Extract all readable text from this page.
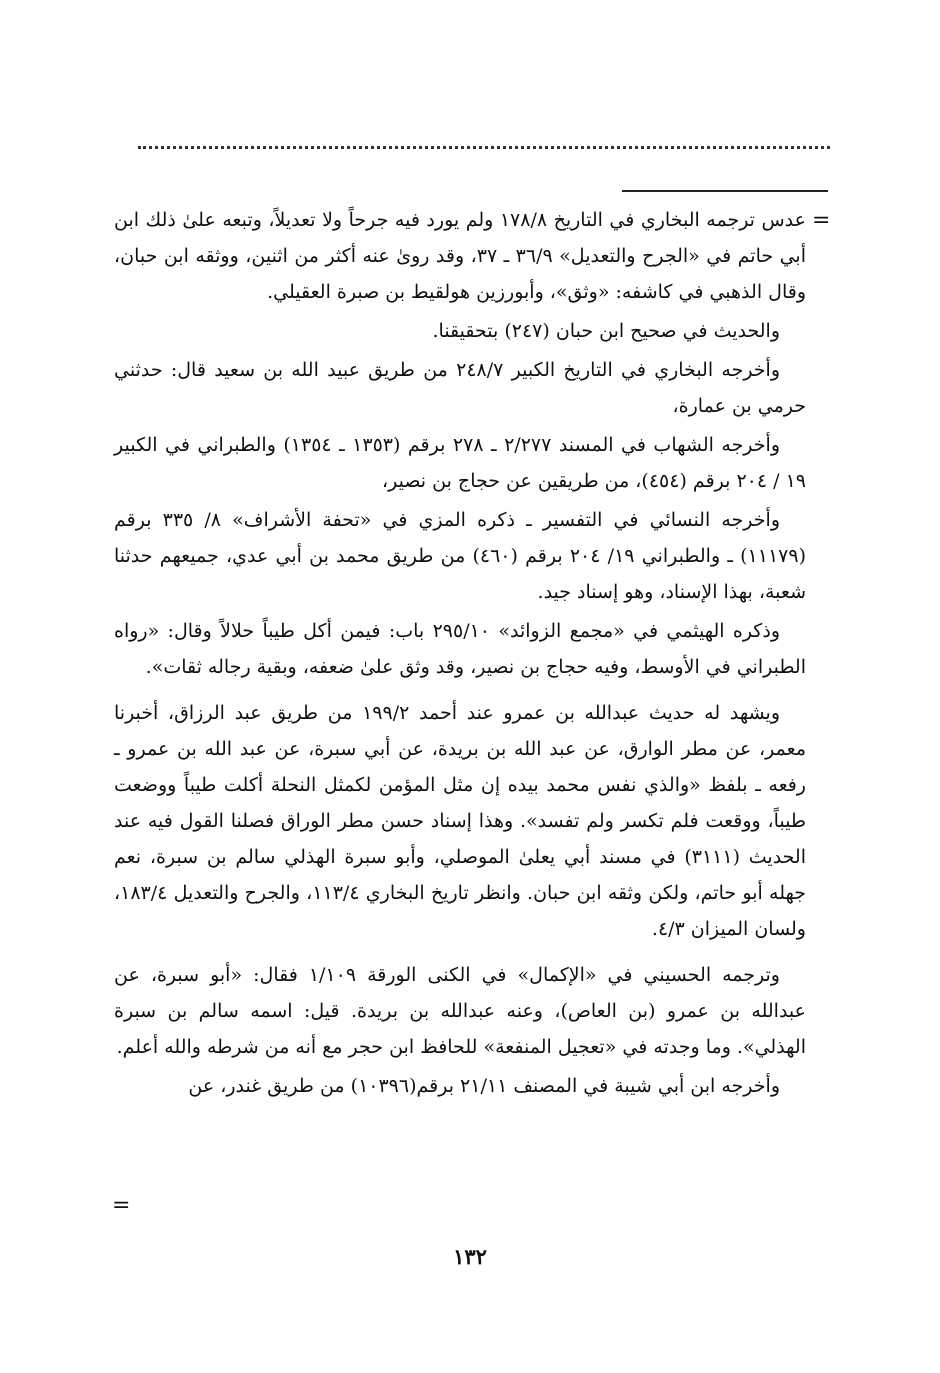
=

عدس ترجمه البخاري في التاريخ ١٧٨/٨ ولم يورد فيه جرحاً ولا تعديلاً، وتبعه علىٰ ذلك ابن أبي حاتم في «الجرح والتعديل» ٣٦/٩ ـ ٣٧، وقد روىٰ عنه أكثر من اثنين، ووثقه ابن حبان، وقال الذهبي في كاشفه: «وثق»، وأبورزين هولقيط بن صبرة العقيلي.

والحديث في صحيح ابن حبان (٢٤٧) بتحقيقنا.

وأخرجه البخاري في التاريخ الكبير ٢٤٨/٧ من طريق عبيد الله بن سعيد قال: حدثني حرمي بن عمارة،

وأخرجه الشهاب في المسند ٢/٢٧٧ ـ ٢٧٨ برقم (١٣٥٣ ـ ١٣٥٤) والطبراني في الكبير ١٩ / ٢٠٤ برقم (٤٥٤)، من طريقين عن حجاج بن نصير،

وأخرجه النسائي في التفسير ـ ذكره المزي في «تحفة الأشراف» ٨/ ٣٣٥ برقم (١١١٧٩) ـ والطبراني ١٩/ ٢٠٤ برقم (٤٦٠) من طريق محمد بن أبي عدي، جميعهم حدثنا شعبة، بهذا الإسناد، وهو إسناد جيد.

وذكره الهيثمي في «مجمع الزوائد» ٢٩٥/١٠ باب: فيمن أكل طيباً حلالاً وقال: «رواه الطبراني في الأوسط، وفيه حجاج بن نصير، وقد وثق علىٰ ضعفه، وبقية رجاله ثقات».

ويشهد له حديث عبدالله بن عمرو عند أحمد ١٩٩/٢ من طريق عبد الرزاق، أخبرنا معمر، عن مطر الوارق، عن عبد الله بن بريدة، عن أبي سبرة، عن عبد الله بن عمرو ـ رفعه ـ بلفظ «والذي نفس محمد بيده إن مثل المؤمن لكمثل النحلة أكلت طيباً ووضعت طيباً، ووقعت فلم تكسر ولم تفسد». وهذا إسناد حسن مطر الوراق فصلنا القول فيه عند الحديث (٣١١١) في مسند أبي يعلىٰ الموصلي، وأبو سبرة الهذلي سالم بن سبرة، نعم جهله أبو حاتم، ولكن وثقه ابن حبان. وانظر تاريخ البخاري ١١٣/٤، والجرح والتعديل ١٨٣/٤، ولسان الميزان ٤/٣.

وترجمه الحسيني في «الإكمال» في الكنى الورقة ١/١٠٩ فقال: «أبو سبرة، عن عبدالله بن عمرو (بن العاص)، وعنه عبدالله بن بريدة. قيل: اسمه سالم بن سبرة الهذلي». وما وجدته في «تعجيل المنفعة» للحافظ ابن حجر مع أنه من شرطه والله أعلم.

وأخرجه ابن أبي شيبة في المصنف ٢١/١١ برقم(١٠٣٩٦) من طريق غندر، عن

=
١٣٢
